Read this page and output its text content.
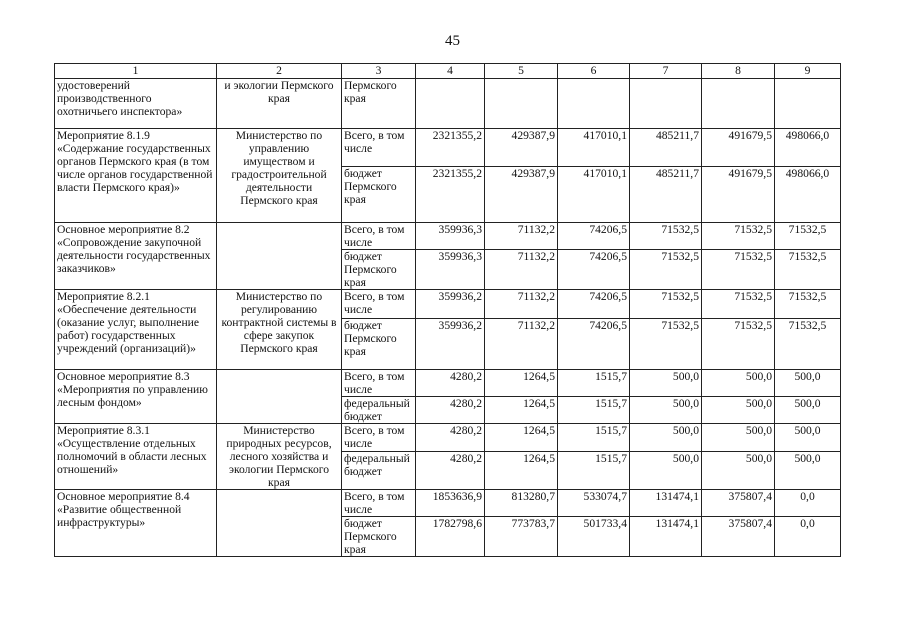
45
1	2	3	4	5	6	7	8	9
удостоверений производственного охотничьего инспектора»	и экологии Пермского края	Пермского края						
Мероприятие 8.1.9 «Содержание государственных органов Пермского края (в том числе органов государственной власти Пермского края)»	Министерство по управлению имуществом и градостроительной деятельности Пермского края	Всего, в том числе	2321355,2	429387,9	417010,1	485211,7	491679,5	498066,0
		бюджет Пермского края	2321355,2	429387,9	417010,1	485211,7	491679,5	498066,0
Основное мероприятие 8.2 «Сопровождение закупочной деятельности государственных заказчиков»		Всего, в том числе	359936,3	71132,2	74206,5	71532,5	71532,5	71532,5
		бюджет Пермского края	359936,3	71132,2	74206,5	71532,5	71532,5	71532,5
Мероприятие 8.2.1 «Обеспечение деятельности (оказание услуг, выполнение работ) государственных учреждений (организаций)»	Министерство по регулированию контрактной системы в сфере закупок Пермского края	Всего, в том числе	359936,2	71132,2	74206,5	71532,5	71532,5	71532,5
		бюджет Пермского края	359936,2	71132,2	74206,5	71532,5	71532,5	71532,5
Основное мероприятие 8.3 «Мероприятия по управлению лесным фондом»		Всего, в том числе	4280,2	1264,5	1515,7	500,0	500,0	500,0
		федеральный бюджет	4280,2	1264,5	1515,7	500,0	500,0	500,0
Мероприятие 8.3.1 «Осуществление отдельных полномочий в области лесных отношений»	Министерство природных ресурсов, лесного хозяйства и экологии Пермского края	Всего, в том числе	4280,2	1264,5	1515,7	500,0	500,0	500,0
		федеральный бюджет	4280,2	1264,5	1515,7	500,0	500,0	500,0
Основное мероприятие 8.4 «Развитие общественной инфраструктуры»		Всего, в том числе	1853636,9	813280,7	533074,7	131474,1	375807,4	0,0
		бюджет Пермского края	1782798,6	773783,7	501733,4	131474,1	375807,4	0,0
